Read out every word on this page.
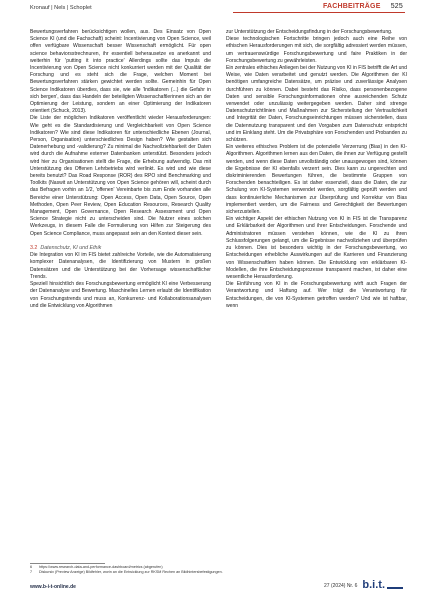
Kronauf | Nels | Schoplet	FACHBEITRÄGE 525

Bewertungsverfahren berücksichtigen wollen, aus. Des Einsatz von Open Science KI (und die Fachschaft) scheint: Incentivierung von Open Science, weil offen verfügbare Wissenschaft besser Wissenschaft ermöglicht. Für open science behaviorsstrechnuren, ihr essentiell beherausetze es anerkannt und weiterhin für 'putting it into practice' Allerdings sollte das Impuls die Incentivierung von Open Science nicht konkurriert werden mit der Qualität der Forschung und es steht sich die Frage, welchen Moment bei Bewertungsverfahren stärken gewichtet werden sollte. Gemeinhin für Open Science Indikatoren überdies, dass sie, wie alle 'Indikatoren (...) die Gefahr in sich bergen', dass das Handeln der beteiligten Wissenschaftlerinnen sich an der Optimierung der Leistung, sondern an einer Optimierung der Indikatoren orientiert (Schuck, 2013).

Die Liste der möglichen Indikatoren veröffentlicht wieder Herausforderungen: Wie geht es die Standardisierung und Vergleichbarkeit von Open Science Indikatoren? Wie sind diese Indikatoren für unterschiedliche Ebenen (Journal, Person, Organisation) unterschiedliches Design haben? Wie gestalten sich Datenerhebung und -validierung? Zu minimal die Nachvollziehbarkeit der Daten wird durch die Aufnahme externer Datenbanken unterstützt. Besonders jedoch wird hier zu Organisationen stellt die Frage, die Erhebung aufwendig. Das mit Unterstützung des Offenen Lehrbetriebs wird verlinkt. Es wird und wie diese bereits benutzt? Das Road Response (ROR) des RPO sind Benchmarking und Toolkits (Naswit an Unterstützung von Open Science gehören will, scheint durch das Befragen vorhin an 1/2, 'offenen' Vereinbarte bis zum Ende vorhanden alle Bereiche einer Unterstützung: Open Access, Open Data, Open Source, Open Methoden, Open Peer Review, Open Education Resources, Research Quality Management, Open Governance, Open Research Assessment und Open Science Strategie nicht zu unterscheiden sind. Die Nutzer eines solchen Werkzeugs, in diesem Falle die Formulierung von Hilfen zur Steigerung des Open Science Compliance, muss angepasst sein an den Kontext dieser sein.

3.2 Datenschutz, KI und Ethik

Die Integration von KI im FIS bietet zahlreiche Vorteile, wie die Automatisierung komplexer Datenanalysen, die Identifizierung von Mustern in großen Datensätzen und die Unterstützung bei der Vorhersage wissenschaftlicher Trends.

Speziell hinsichtlich des Forschungsbewertung ermöglicht KI eine Verbesserung der Datenanalyse und Bewertung. Maschinelles Lernen erlaubt die Identifikation von Forschungstrends und muss an, Konkurrenz- und Kollaborationsanalysen und die Entwicklung von Algorithmen

zur Unterstützung der Entscheidungsfindung in der Forschungsbewertung.

Diese technologischen Fortschritte bringen jedoch auch eine Reihe von ethischen Herausforderungen mit sich, die sorgfältig adressiert werden müssen, um vertrauenswürdige Forschungsbewertung und faire Praktiken in der Forschungsbewertung zu gewährleisten.

Ein zentrales ethisches Anliegen bei der Nutzung von KI in FIS betrifft die Art und Weise, wie Daten verarbeitet und genutzt werden. Die Algorithmen der KI benötigen umfangreiche Datensätze, um präzise und zuverlässige Analysen durchführen zu können. Dabei besteht das Risiko, dass personenbezogene Daten und sensible Forschungsinformationen ohne ausreichenden Schutz verwendet oder unzulässig weitergegeben werden. Daher sind strenge Datenschutzrichtlinien und Maßnahmen zur Sicherstellung der Vertraulichkeit und Integrität der Daten, Forschungseinrichtungen müssen sicherstellen, dass die Datennutzung transparent und den Vorgaben zum Datenschutz entspricht und im Einklang steht. Um die Privatsphäre von Forschenden und Probanden zu schützen.

Ein weiteres ethisches Problem ist die potenzielle Verzerrung (Bias) in den KI-Algorithmen. Algorithmen lernen aus den Daten, die ihnen zur Verfügung gestellt werden, und wenn diese Daten unvollständig oder unausgewogen sind, können die Ergebnisse der KI ebenfalls verzerrt sein. Dies kann zu ungerechten und diskriminierenden Bewertungen führen, die bestimmte Gruppen von Forschenden benachteiligen. Es ist daher essenziell, dass die Daten, die zur Schulung von KI-Systemen verwendet werden, sorgfältig geprüft werden und dass kontinuierliche Mechanismen zur Überprüfung und Korrektur von Bias implementiert werden, um die Fairness und Gerechtigkeit der Bewertungen sicherzustellen.

Ein wichtiger Aspekt der ethischen Nutzung von KI in FIS ist die Transparenz und Erklärbarkeit der Algorithmen und ihrer Entscheidungen. Forschende und Administratoren müssen verstehen können, wie die KI zu ihren Schlussfolgerungen gelangt, um die Ergebnisse nachvollziehen und überprüfen zu können. Dies ist besonders wichtig in der Forschungsbewertung, wo Entscheidungen erhebliche Auswirkungen auf die Karrieren und Finanzierung von Wissenschaftlern haben können. Die Entwicklung von erklärbaren KI-Modellen, die ihre Entscheidungsprozesse transparent machen, ist daher eine wesentliche Herausforderung.

Die Einführung von KI in die Forschungsbewertung wirft auch Fragen der Verantwortung und Haftung auf. Wer trägt die Verantwortung für Entscheidungen, die von KI-Systemen getroffen werden? Und wie ist haftbar, wenn

6 https://www.research-data-and-performance-dashboard/metrics (abgerufen)
7 Diskursiv (Preview Anzeige) Bildfehler, worin an die Entwicklung zur RKSM Rechen an Bildhintersbefestigungen.
www.b-i-t-online.de	27 (2024) Nr. 6 b.i.t.
